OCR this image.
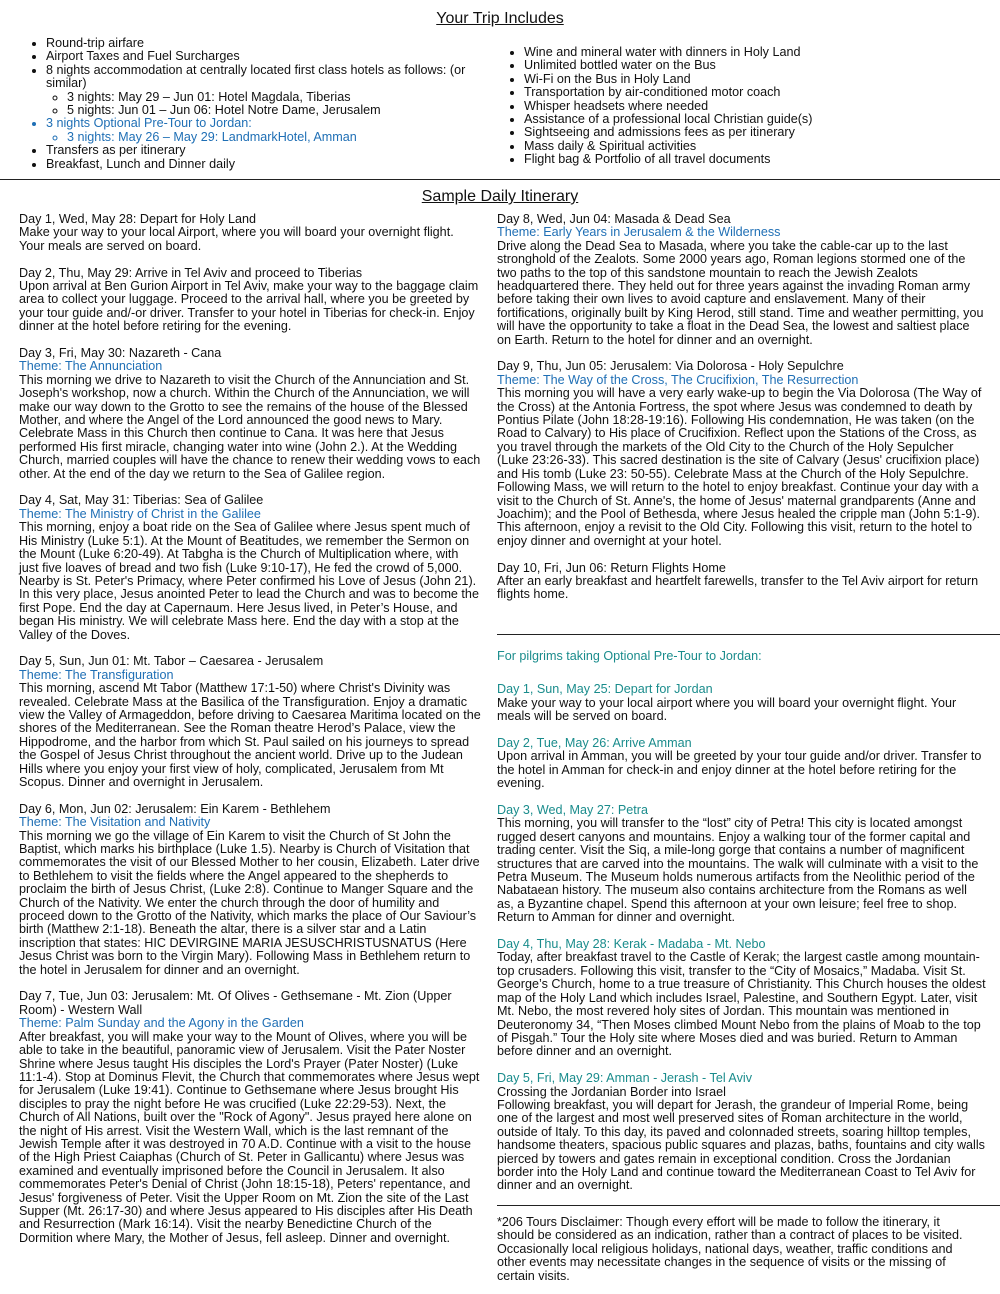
Your Trip Includes
• Round-trip airfare
• Airport Taxes and Fuel Surcharges
• 8 nights accommodation at centrally located first class hotels as follows: (or similar)
◦ 3 nights: May 29 – Jun 01: Hotel Magdala, Tiberias
◦ 5 nights: Jun 01 – Jun 06: Hotel Notre Dame, Jerusalem
• 3 nights Optional Pre-Tour to Jordan:
◦ 3 nights: May 26 – May 29: LandmarkHotel, Amman
• Transfers as per itinerary
• Breakfast, Lunch and Dinner daily
• Wine and mineral water with dinners in Holy Land
• Unlimited bottled water on the Bus
• Wi-Fi on the Bus in Holy Land
• Transportation by air-conditioned motor coach
• Whisper headsets where needed
• Assistance of a professional local Christian guide(s)
• Sightseeing and admissions fees as per itinerary
• Mass daily & Spiritual activities
• Flight bag & Portfolio of all travel documents
Sample Daily Itinerary
Day 1, Wed, May 28: Depart for Holy Land
Make your way to your local Airport, where you will board your overnight flight. Your meals are served on board.
Day 2, Thu, May 29: Arrive in Tel Aviv and proceed to Tiberias
Upon arrival at Ben Gurion Airport in Tel Aviv, make your way to the baggage claim area to collect your luggage. Proceed to the arrival hall, where you be greeted by your tour guide and/-or driver. Transfer to your hotel in Tiberias for check-in. Enjoy dinner at the hotel before retiring for the evening.
Day 3, Fri, May 30: Nazareth - Cana
Theme: The Annunciation
This morning we drive to Nazareth to visit the Church of the Annunciation and St. Joseph's workshop, now a church. Within the Church of the Annunciation, we will make our way down to the Grotto to see the remains of the house of the Blessed Mother, and where the Angel of the Lord announced the good news to Mary. Celebrate Mass in this Church then continue to Cana. It was here that Jesus performed His first miracle, changing water into wine (John 2.). At the Wedding Church, married couples will have the chance to renew their wedding vows to each other. At the end of the day we return to the Sea of Galilee region.
Day 4, Sat, May 31: Tiberias: Sea of Galilee
Theme: The Ministry of Christ in the Galilee
This morning, enjoy a boat ride on the Sea of Galilee where Jesus spent much of His Ministry (Luke 5:1). At the Mount of Beatitudes, we remember the Sermon on the Mount (Luke 6:20-49). At Tabgha is the Church of Multiplication where, with just five loaves of bread and two fish (Luke 9:10-17), He fed the crowd of 5,000. Nearby is St. Peter's Primacy, where Peter confirmed his Love of Jesus (John 21). In this very place, Jesus anointed Peter to lead the Church and was to become the first Pope. End the day at Capernaum. Here Jesus lived, in Peter’s House, and began His ministry. We will celebrate Mass here. End the day with a stop at the Valley of the Doves.
Day 5, Sun, Jun 01: Mt. Tabor – Caesarea - Jerusalem
Theme: The Transfiguration
This morning, ascend Mt Tabor (Matthew 17:1-50) where Christ's Divinity was revealed. Celebrate Mass at the Basilica of the Transfiguration. Enjoy a dramatic view the Valley of Armageddon, before driving to Caesarea Maritima located on the shores of the Mediterranean. See the Roman theatre Herod’s Palace, view the Hippodrome, and the harbor from which St. Paul sailed on his journeys to spread the Gospel of Jesus Christ throughout the ancient world. Drive up to the Judean Hills where you enjoy your first view of holy, complicated, Jerusalem from Mt Scopus. Dinner and overnight in Jerusalem.
Day 6, Mon, Jun 02: Jerusalem: Ein Karem - Bethlehem
Theme: The Visitation and Nativity
This morning we go the village of Ein Karem to visit the Church of St John the Baptist, which marks his birthplace (Luke 1.5). Nearby is Church of Visitation that commemorates the visit of our Blessed Mother to her cousin, Elizabeth. Later drive to Bethlehem to visit the fields where the Angel appeared to the shepherds to proclaim the birth of Jesus Christ, (Luke 2:8). Continue to Manger Square and the Church of the Nativity. We enter the church through the door of humility and proceed down to the Grotto of the Nativity, which marks the place of Our Saviour’s birth (Matthew 2:1-18). Beneath the altar, there is a silver star and a Latin inscription that states: HIC DEVIRGINE MARIA JESUSCHRISTUSNATUS (Here Jesus Christ was born to the Virgin Mary). Following Mass in Bethlehem return to the hotel in Jerusalem for dinner and an overnight.
Day 7, Tue, Jun 03: Jerusalem: Mt. Of Olives - Gethsemane - Mt. Zion (Upper Room) - Western Wall
Theme: Palm Sunday and the Agony in the Garden
After breakfast, you will make your way to the Mount of Olives, where you will be able to take in the beautiful, panoramic view of Jerusalem. Visit the Pater Noster Shrine where Jesus taught His disciples the Lord's Prayer (Pater Noster) (Luke 11:1-4). Stop at Dominus Flevit, the Church that commemorates where Jesus wept for Jerusalem (Luke 19:41). Continue to Gethsemane where Jesus brought His disciples to pray the night before He was crucified (Luke 22:29-53). Next, the Church of All Nations, built over the "Rock of Agony". Jesus prayed here alone on the night of His arrest. Visit the Western Wall, which is the last remnant of the Jewish Temple after it was destroyed in 70 A.D. Continue with a visit to the house of the High Priest Caiaphas (Church of St. Peter in Gallicantu) where Jesus was examined and eventually imprisoned before the Council in Jerusalem. It also commemorates Peter's Denial of Christ (John 18:15-18), Peters' repentance, and Jesus' forgiveness of Peter. Visit the Upper Room on Mt. Zion the site of the Last Supper (Mt. 26:17-30) and where Jesus appeared to His disciples after His Death and Resurrection (Mark 16:14). Visit the nearby Benedictine Church of the Dormition where Mary, the Mother of Jesus, fell asleep. Dinner and overnight.
Day 8, Wed, Jun 04: Masada & Dead Sea
Theme: Early Years in Jerusalem & the Wilderness
Drive along the Dead Sea to Masada, where you take the cable-car up to the last stronghold of the Zealots. Some 2000 years ago, Roman legions stormed one of the two paths to the top of this sandstone mountain to reach the Jewish Zealots headquartered there. They held out for three years against the invading Roman army before taking their own lives to avoid capture and enslavement. Many of their fortifications, originally built by King Herod, still stand. Time and weather permitting, you will have the opportunity to take a float in the Dead Sea, the lowest and saltiest place on Earth. Return to the hotel for dinner and an overnight.
Day 9, Thu, Jun 05: Jerusalem: Via Dolorosa - Holy Sepulchre
Theme: The Way of the Cross, The Crucifixion, The Resurrection
This morning you will have a very early wake-up to begin the Via Dolorosa (The Way of the Cross) at the Antonia Fortress, the spot where Jesus was condemned to death by Pontius Pilate (John 18:28-19:16). Following His condemnation, He was taken (on the Road to Calvary) to His place of Crucifixion. Reflect upon the Stations of the Cross, as you travel through the markets of the Old City to the Church of the Holy Sepulcher (Luke 23:26-33). This sacred destination is the site of Calvary (Jesus' crucifixion place) and His tomb (Luke 23: 50-55). Celebrate Mass at the Church of the Holy Sepulchre. Following Mass, we will return to the hotel to enjoy breakfast. Continue your day with a visit to the Church of St. Anne's, the home of Jesus' maternal grandparents (Anne and Joachim); and the Pool of Bethesda, where Jesus healed the cripple man (John 5:1-9). This afternoon, enjoy a revisit to the Old City. Following this visit, return to the hotel to enjoy dinner and overnight at your hotel.
Day 10, Fri, Jun 06: Return Flights Home
After an early breakfast and heartfelt farewells, transfer to the Tel Aviv airport for return flights home.

For pilgrims taking Optional Pre-Tour to Jordan:

Day 1, Sun, May 25: Depart for Jordan
Make your way to your local airport where you will board your overnight flight. Your meals will be served on board.
Day 2, Tue, May 26: Arrive Amman
Upon arrival in Amman, you will be greeted by your tour guide and/or driver. Transfer to the hotel in Amman for check-in and enjoy dinner at the hotel before retiring for the evening.
Day 3, Wed, May 27: Petra
This morning, you will transfer to the “lost” city of Petra! This city is located amongst rugged desert canyons and mountains. Enjoy a walking tour of the former capital and trading center. Visit the Siq, a mile-long gorge that contains a number of magnificent structures that are carved into the mountains. The walk will culminate with a visit to the Petra Museum. The Museum holds numerous artifacts from the Neolithic period of the Nabataean history. The museum also contains architecture from the Romans as well as, a Byzantine chapel. Spend this afternoon at your own leisure; feel free to shop. Return to Amman for dinner and overnight.
Day 4, Thu, May 28: Kerak - Madaba - Mt. Nebo
Today, after breakfast travel to the Castle of Kerak; the largest castle among mountain-top crusaders. Following this visit, transfer to the “City of Mosaics,” Madaba. Visit St. George’s Church, home to a true treasure of Christianity. This Church houses the oldest map of the Holy Land which includes Israel, Palestine, and Southern Egypt. Later, visit Mt. Nebo, the most revered holy sites of Jordan. This mountain was mentioned in Deuteronomy 34, “Then Moses climbed Mount Nebo from the plains of Moab to the top of Pisgah.” Tour the Holy site where Moses died and was buried. Return to Amman before dinner and an overnight.
Day 5, Fri, May 29: Amman - Jerash - Tel Aviv
Crossing the Jordanian Border into Israel
Following breakfast, you will depart for Jerash, the grandeur of Imperial Rome, being one of the largest and most well preserved sites of Roman architecture in the world, outside of Italy. To this day, its paved and colonnaded streets, soaring hilltop temples, handsome theaters, spacious public squares and plazas, baths, fountains and city walls pierced by towers and gates remain in exceptional condition. Cross the Jordanian border into the Holy Land and continue toward the Mediterranean Coast to Tel Aviv for dinner and an overnight.
*206 Tours Disclaimer: Though every effort will be made to follow the itinerary, it should be considered as an indication, rather than a contract of places to be visited. Occasionally local religious holidays, national days, weather, traffic conditions and other events may necessitate changes in the sequence of visits or the missing of certain visits.
